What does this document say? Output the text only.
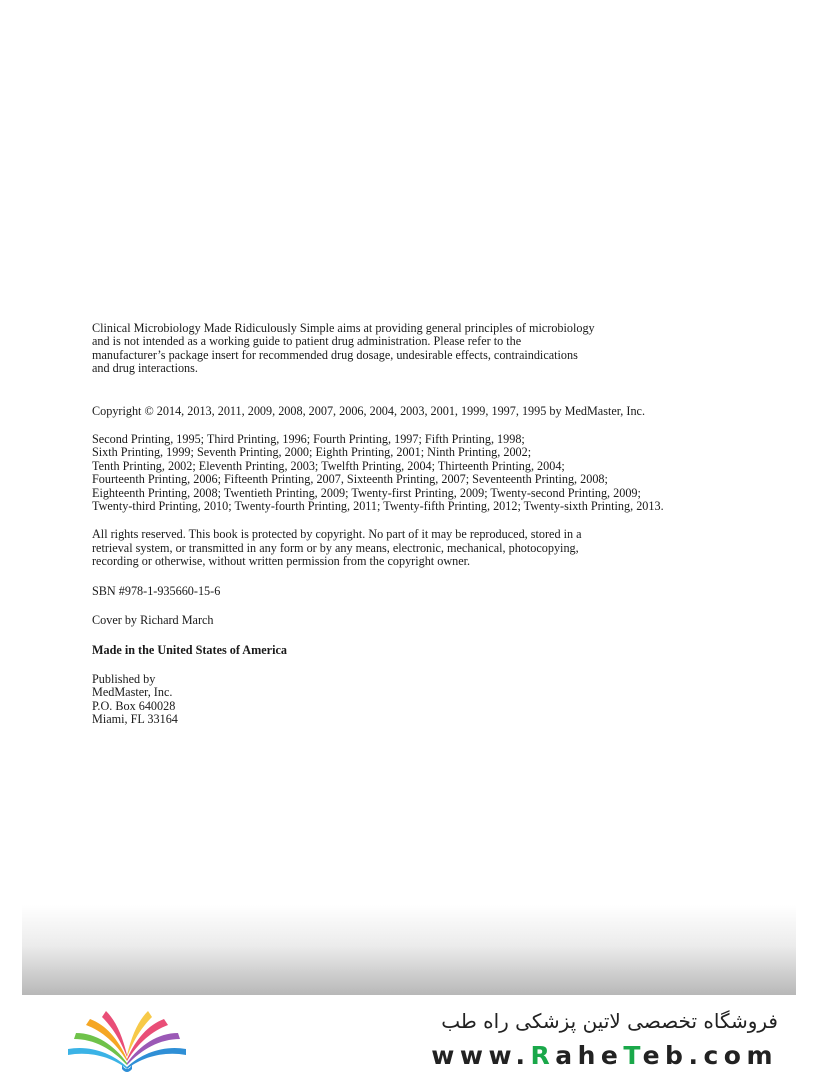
Clinical Microbiology Made Ridiculously Simple aims at providing general principles of microbiology
and is not intended as a working guide to patient drug administration. Please refer to the
manufacturer’s package insert for recommended drug dosage, undesirable effects, contraindications
and drug interactions.

Copyright © 2014, 2013, 2011, 2009, 2008, 2007, 2006, 2004, 2003, 2001, 1999, 1997, 1995 by MedMaster, Inc.

Second Printing, 1995; Third Printing, 1996; Fourth Printing, 1997; Fifth Printing, 1998;
Sixth Printing, 1999; Seventh Printing, 2000; Eighth Printing, 2001; Ninth Printing, 2002;
Tenth Printing, 2002; Eleventh Printing, 2003; Twelfth Printing, 2004; Thirteenth Printing, 2004;
Fourteenth Printing, 2006; Fifteenth Printing, 2007, Sixteenth Printing, 2007; Seventeenth Printing, 2008;
Eighteenth Printing, 2008; Twentieth Printing, 2009; Twenty-first Printing, 2009; Twenty-second Printing, 2009;
Twenty-third Printing, 2010; Twenty-fourth Printing, 2011; Twenty-fifth Printing, 2012; Twenty-sixth Printing, 2013.

All rights reserved. This book is protected by copyright. No part of it may be reproduced, stored in a
retrieval system, or transmitted in any form or by any means, electronic, mechanical, photocopying,
recording or otherwise, without written permission from the copyright owner.

SBN #978-1-935660-15-6

Cover by Richard March

Made in the United States of America

Published by
MedMaster, Inc.
P.O. Box 640028
Miami, FL 33164

فروشگاه تخصصی لاتین پزشکی راه طب
www.RaheTeb.com
